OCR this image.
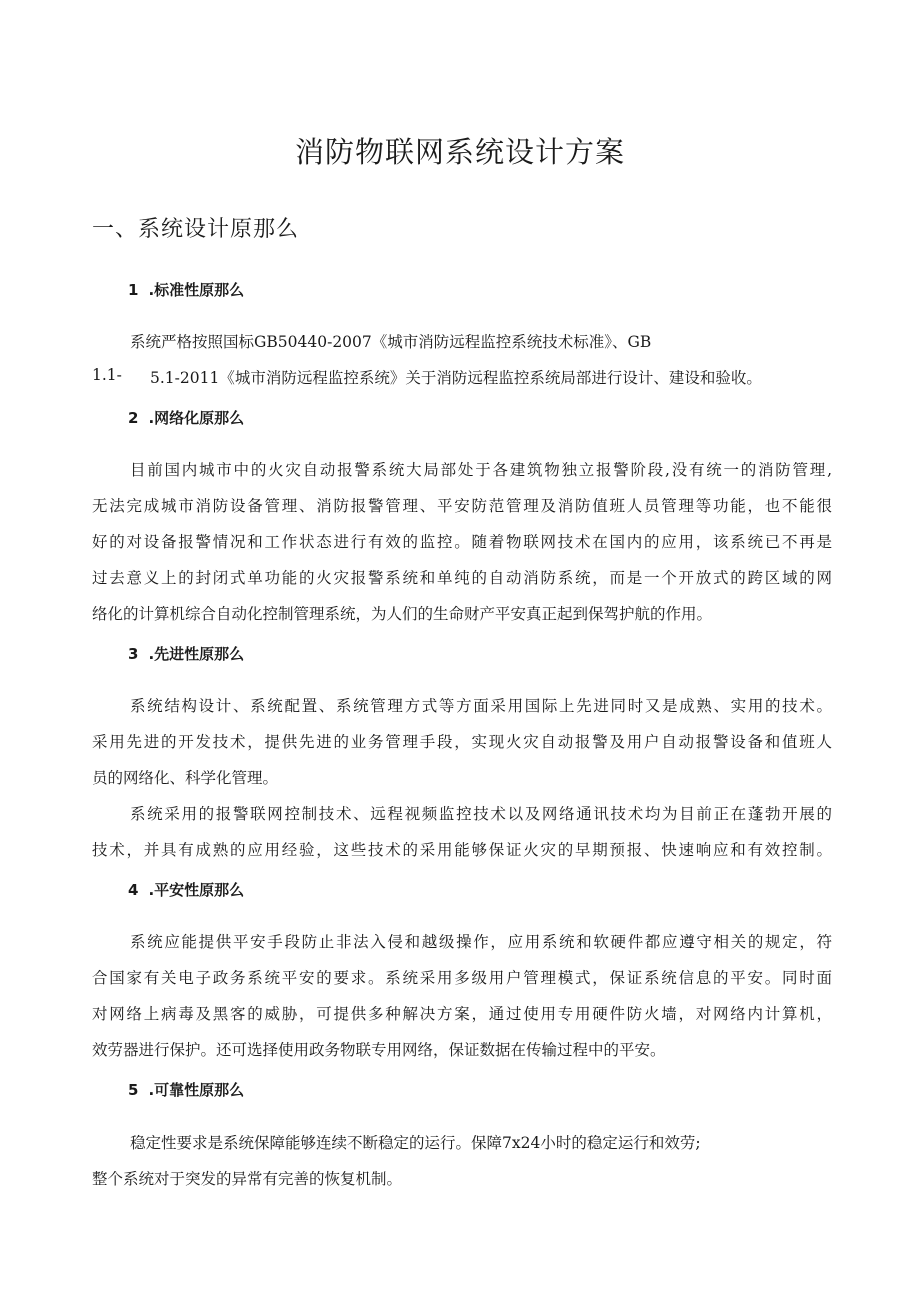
消防物联网系统设计方案
一、系统设计原那么
1 .标准性原那么

系统严格按照国标GB50440-2007《城市消防远程监控系统技术标准》、GB

1.1- 5.1-2011《城市消防远程监控系统》关于消防远程监控系统局部进行设计、建设和验收。

2 .网络化原那么

目前国内城市中的火灾自动报警系统大局部处于各建筑物独立报警阶段,没有统一的消防管理,

无法完成城市消防设备管理、消防报警管理、平安防范管理及消防值班人员管理等功能，也不能很

好的对设备报警情况和工作状态进行有效的监控。随着物联网技术在国内的应用，该系统已不再是

过去意义上的封闭式单功能的火灾报警系统和单纯的自动消防系统，而是一个开放式的跨区域的网

络化的计算机综合自动化控制管理系统，为人们的生命财产平安真正起到保驾护航的作用。

3 .先进性原那么

系统结构设计、系统配置、系统管理方式等方面采用国际上先进同时又是成熟、实用的技术。

采用先进的开发技术，提供先进的业务管理手段，实现火灾自动报警及用户自动报警设备和值班人

员的网络化、科学化管理。

系统采用的报警联网控制技术、远程视频监控技术以及网络通讯技术均为目前正在蓬勃开展的

技术，并具有成熟的应用经验，这些技术的采用能够保证火灾的早期预报、快速响应和有效控制。

4 .平安性原那么

系统应能提供平安手段防止非法入侵和越级操作，应用系统和软硬件都应遵守相关的规定，符

合国家有关电子政务系统平安的要求。系统采用多级用户管理模式，保证系统信息的平安。同时面

对网络上病毒及黑客的威胁，可提供多种解决方案，通过使用专用硬件防火墙，对网络内计算机，

效劳器进行保护。还可选择使用政务物联专用网络，保证数据在传输过程中的平安。

5 .可靠性原那么

稳定性要求是系统保障能够连续不断稳定的运行。保障7x24小时的稳定运行和效劳;

整个系统对于突发的异常有完善的恢复机制。
